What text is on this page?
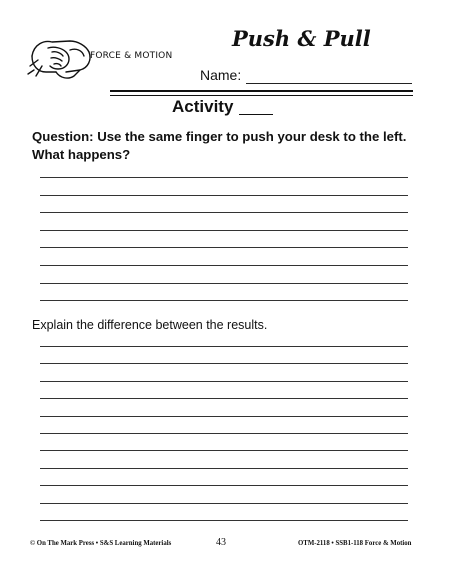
FORCE & MOTION
Push & Pull
Name:
Activity
Question: Use the same finger to push your desk to the left. What happens?
Explain the difference between the results.
© On The Mark Press • S&S Learning Materials	43	OTM-2118 • SSB1-118 Force & Motion
